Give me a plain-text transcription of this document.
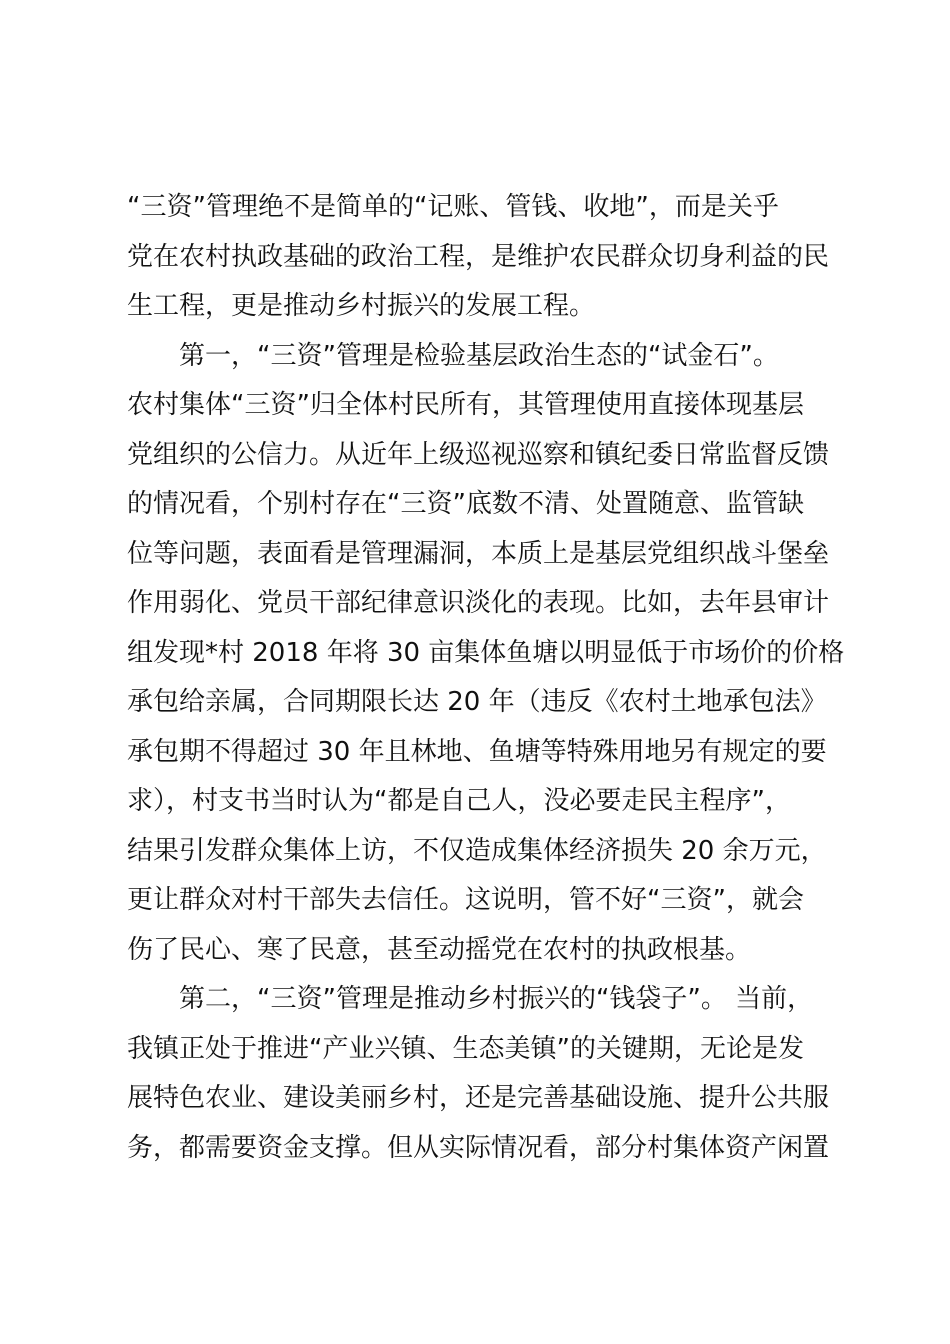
“三资”管理绝不是简单的“记账、管钱、收地”，而是关乎
党在农村执政基础的政治工程，是维护农民群众切身利益的民
生工程，更是推动乡村振兴的发展工程。
　　第一，“三资”管理是检验基层政治生态的“试金石”。
农村集体“三资”归全体村民所有，其管理使用直接体现基层
党组织的公信力。从近年上级巡视巡察和镇纪委日常监督反馈
的情况看，个别村存在“三资”底数不清、处置随意、监管缺
位等问题，表面看是管理漏洞，本质上是基层党组织战斗堡垒
作用弱化、党员干部纪律意识淡化的表现。比如，去年县审计
组发现*村 2018 年将 30 亩集体鱼塘以明显低于市场价的价格
承包给亲属，合同期限长达 20 年（违反《农村土地承包法》
承包期不得超过 30 年且林地、鱼塘等特殊用地另有规定的要
求），村支书当时认为“都是自己人，没必要走民主程序”，
结果引发群众集体上访，不仅造成集体经济损失 20 余万元，
更让群众对村干部失去信任。这说明，管不好“三资”，就会
伤了民心、寒了民意，甚至动摇党在农村的执政根基。
　　第二，“三资”管理是推动乡村振兴的“钱袋子”。 当前，
我镇正处于推进“产业兴镇、生态美镇”的关键期，无论是发
展特色农业、建设美丽乡村，还是完善基础设施、提升公共服
务，都需要资金支撑。但从实际情况看，部分村集体资产闲置
